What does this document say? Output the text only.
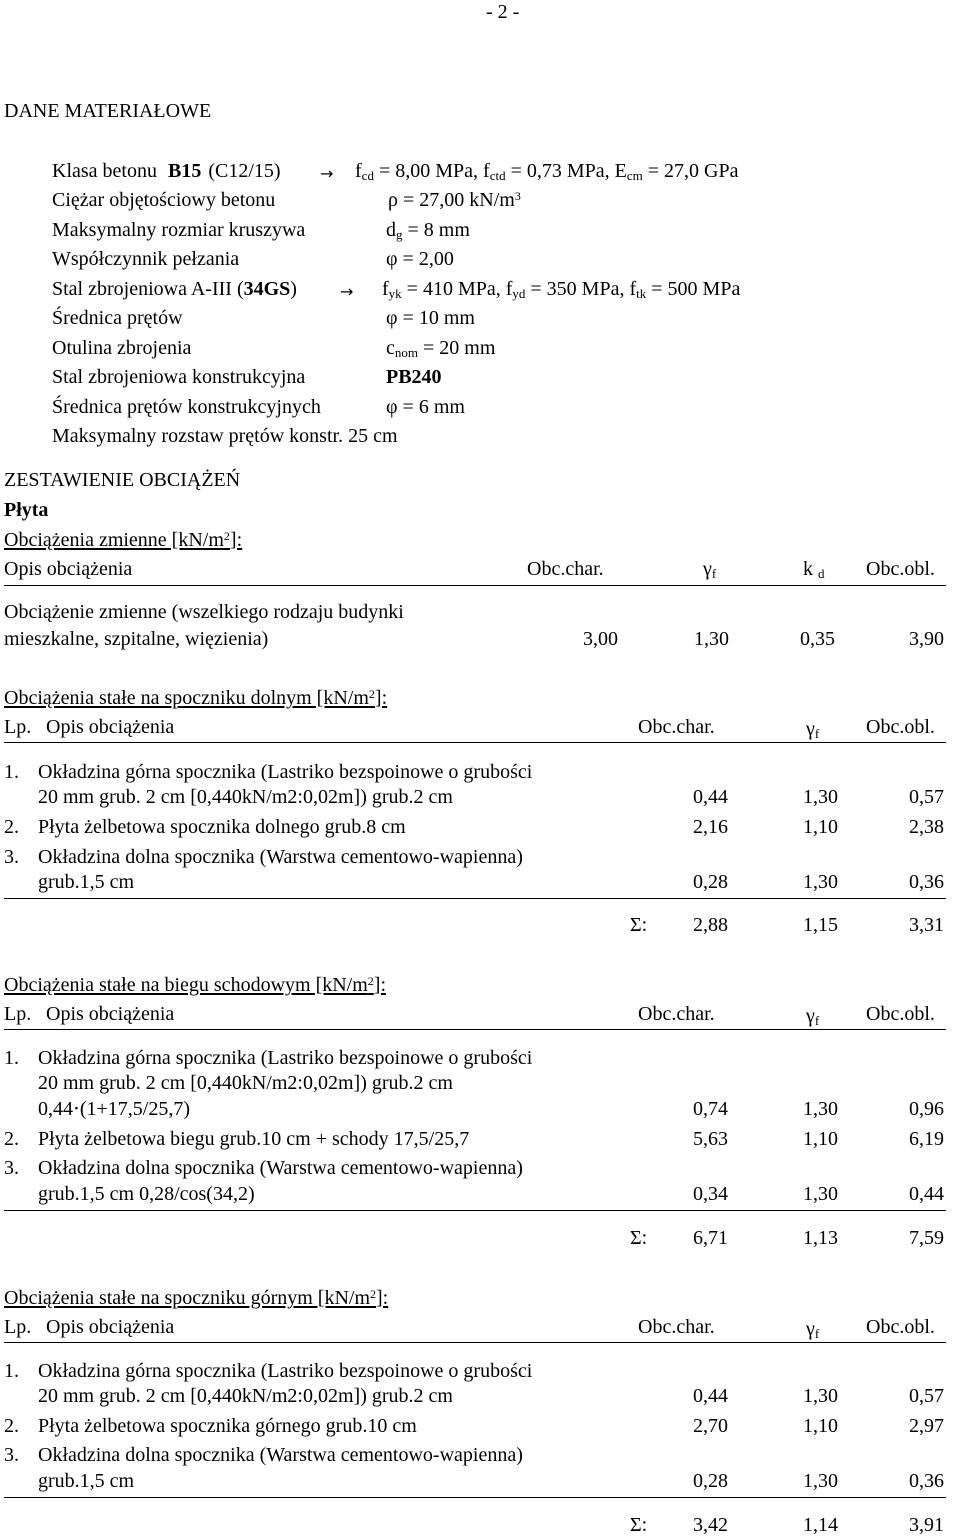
- 2 -
DANE MATERIAŁOWE
Klasa betonu B15 $(C12/15) \to f_{cd} = 8,00$ MPa, $f_{ctd} = 0,73$ MPa, $E_{cm} = 27,0$ GPa
Ciężar objętościowy betonu	ρ = 27,00 $kN/m^3$
Maksymalny rozmiar kruszywa	$d_g = 8$ mm
Współczynnik pełzania	φ = 2,00
Stal zbrojeniowa A-III (34GS)	→ $f_{yk} = 410$ MPa, $f_{yd} = 350$ MPa, $f_{tk} = 500$ MPa
Średnica prętów	φ = 10 mm
Otulina zbrojenia	$c_{nom} = 20$ mm
Stal zbrojeniowa konstrukcyjna	PB240
Średnica prętów konstrukcyjnych	φ = 6 mm
Maksymalny rozstaw prętów konstr. 25 cm
ZESTAWIENIE OBCIĄŻEŃ
Płyta
Obciążenia zmienne $[kN/m^2]$:
Opis obciążenia	Obc.char.	$\gamma_f$	k $_d$ Obc.obl.
Obciążenie zmienne (wszelkiego rodzaju budynki
mieszkalne, szpitalne, więzienia)	3,00	1,30	0,35	3,90
Obciążenia stałe na spoczniku dolnym $[kN/m^2]$:
Lp. Opis obciążenia	Obc.char.	$\gamma_f$ Obc.obl.
1. Okładzina górna spocznika (Lastriko bezspoinowe o grubości
20 mm grub. 2 cm [0,440kN/m2:0,02m]) grub.2 cm	0,44	1,30	0,57
2. Płyta żelbetowa spocznika dolnego grub.8 cm	2,16	1,10	2,38
3. Okładzina dolna spocznika (Warstwa cementowo-wapienna)
grub.1,5 cm	0,28	1,30	0,36
Σ: 2,88	1,15	3,31
Obciążenia stałe na biegu schodowym $[kN/m^2]$:
Lp. Opis obciążenia	Obc.char.	$\gamma_f$ Obc.obl.
1. Okładzina górna spocznika (Lastriko bezspoinowe o grubości
20 mm grub. 2 cm [0,440kN/m2:0,02m]) grub.2 cm
0,44⋅(1+17,5/25,7)	0,74	1,30	0,96
2. Płyta żelbetowa biegu grub.10 cm + schody 17,5/25,7	5,63	1,10	6,19
3. Okładzina dolna spocznika (Warstwa cementowo-wapienna)
grub.1,5 cm 0,28/cos(34,2)	0,34	1,30	0,44
Σ: 6,71	1,13	7,59
Obciążenia stałe na spoczniku górnym $[kN/m^2]$:
Lp. Opis obciążenia	Obc.char.	$\gamma_f$ Obc.obl.
1. Okładzina górna spocznika (Lastriko bezspoinowe o grubości
20 mm grub. 2 cm [0,440kN/m2:0,02m]) grub.2 cm	0,44	1,30	0,57
2. Płyta żelbetowa spocznika górnego grub.10 cm	2,70	1,10	2,97
3. Okładzina dolna spocznika (Warstwa cementowo-wapienna)
grub.1,5 cm	0,28	1,30	0,36
Σ: 3,42	1,14	3,91
